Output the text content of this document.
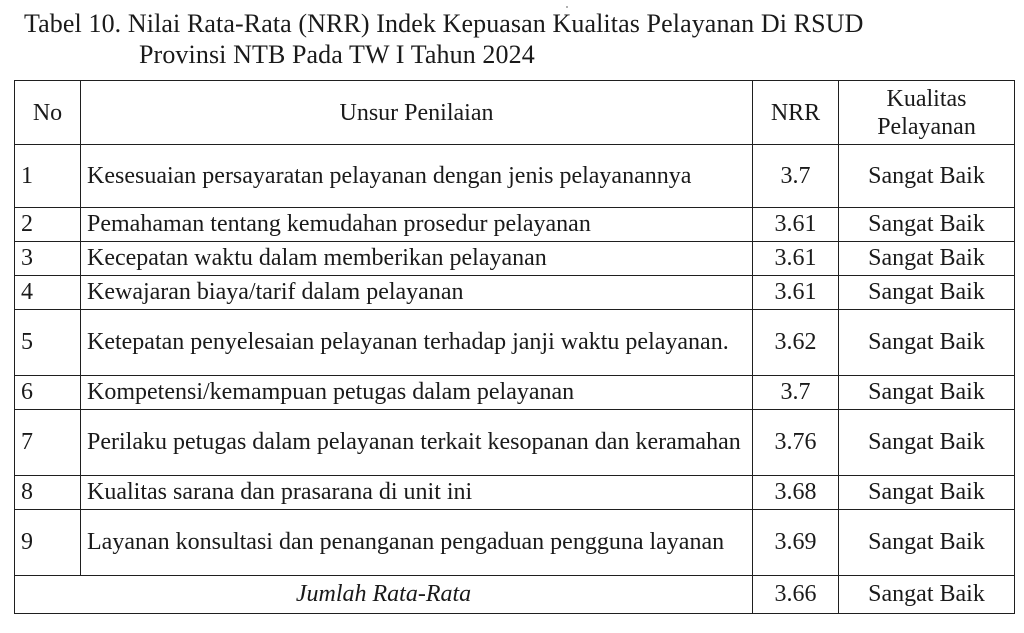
Tabel 10. Nilai Rata-Rata (NRR) Indek Kepuasan Kualitas Pelayanan Di RSUD
Provinsi NTB Pada TW I Tahun 2024
No	Unsur Penilaian	NRR	Kualitas
Pelayanan
1	Kesesuaian persayaratan pelayanan dengan jenis pelayanannya	3.7	Sangat Baik
2	Pemahaman tentang kemudahan prosedur pelayanan	3.61	Sangat Baik
3	Kecepatan waktu dalam memberikan pelayanan	3.61	Sangat Baik
4	Kewajaran biaya/tarif dalam pelayanan	3.61	Sangat Baik
5	Ketepatan penyelesaian pelayanan terhadap janji waktu pelayanan.	3.62	Sangat Baik
6	Kompetensi/kemampuan petugas dalam pelayanan	3.7	Sangat Baik
7	Perilaku petugas dalam pelayanan terkait kesopanan dan keramahan	3.76	Sangat Baik
8	Kualitas sarana dan prasarana di unit ini	3.68	Sangat Baik
9	Layanan konsultasi dan penanganan pengaduan pengguna layanan	3.69	Sangat Baik
Jumlah Rata-Rata		3.66	Sangat Baik
